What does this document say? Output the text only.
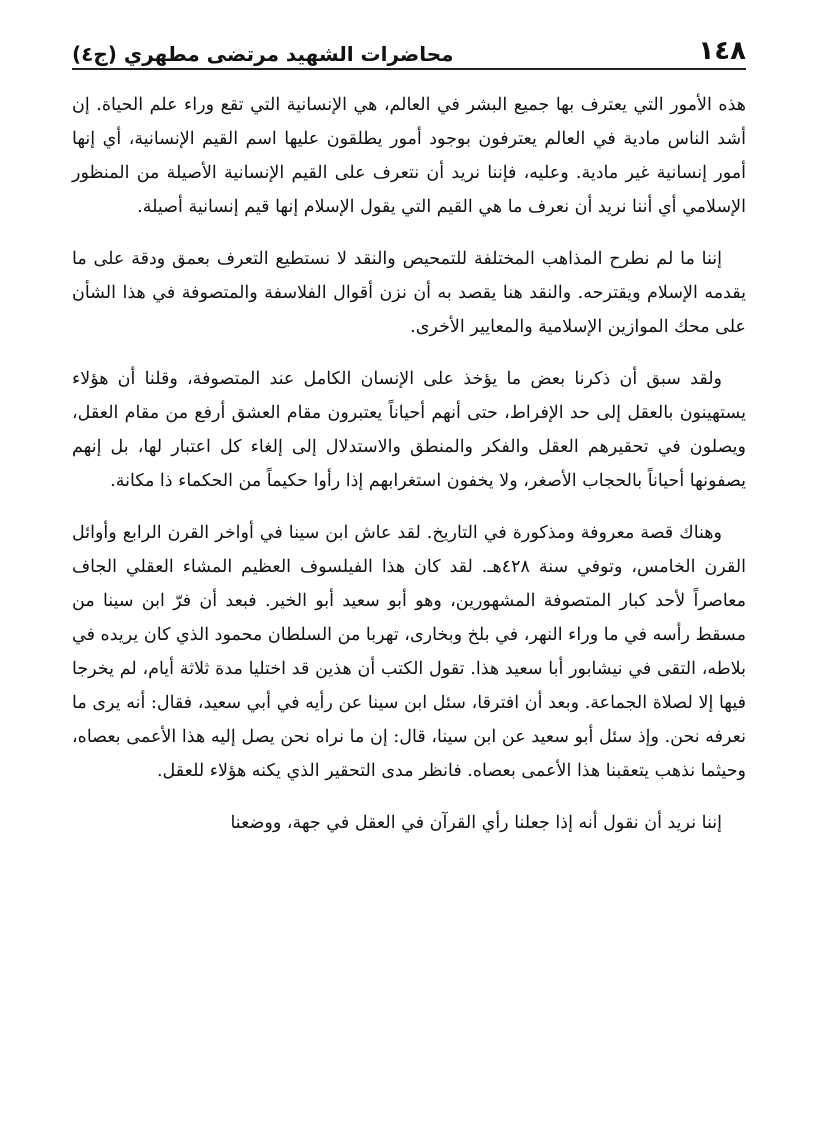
١٤٨
محاضرات الشهيد مرتضى مطهري (ج٤)

هذه الأمور التي يعترف بها جميع البشر في العالم، هي الإنسانية التي تقع وراء علم الحياة. إن أشد الناس مادية في العالم يعترفون بوجود أمور يطلقون عليها اسم القيم الإنسانية، أي إنها أمور إنسانية غير مادية. وعليه، فإننا نريد أن نتعرف على القيم الإنسانية الأصيلة من المنظور الإسلامي أي أننا نريد أن نعرف ما هي القيم التي يقول الإسلام إنها قيم إنسانية أصيلة.

إننا ما لم نطرح المذاهب المختلفة للتمحيص والنقد لا نستطيع التعرف بعمق ودقة على ما يقدمه الإسلام ويقترحه. والنقد هنا يقصد به أن نزن أقوال الفلاسفة والمتصوفة في هذا الشأن على محك الموازين الإسلامية والمعايير الأخرى.

ولقد سبق أن ذكرنا بعض ما يؤخذ على الإنسان الكامل عند المتصوفة، وقلنا أن هؤلاء يستهينون بالعقل إلى حد الإفراط، حتى أنهم أحياناً يعتبرون مقام العشق أرفع من مقام العقل، ويصلون في تحقيرهم العقل والفكر والمنطق والاستدلال إلى إلغاء كل اعتبار لها، بل إنهم يصفونها أحياناً بالحجاب الأصغر، ولا يخفون استغرابهم إذا رأوا حكيماً من الحكماء ذا مكانة.

وهناك قصة معروفة ومذكورة في التاريخ. لقد عاش ابن سينا في أواخر القرن الرابع وأوائل القرن الخامس، وتوفي سنة ٤٢٨هـ. لقد كان هذا الفيلسوف العظيم المشاء العقلي الجاف معاصراً لأحد كبار المتصوفة المشهورين، وهو أبو سعيد أبو الخير. فبعد أن فرّ ابن سينا من مسقط رأسه في ما وراء النهر، في بلخ وبخارى، تهربا من السلطان محمود الذي كان يريده في بلاطه، التقى في نيشابور أبا سعيد هذا. تقول الكتب أن هذين قد اختليا مدة ثلاثة أيام، لم يخرجا فيها إلا لصلاة الجماعة. وبعد أن افترقا، سئل ابن سينا عن رأيه في أبي سعيد، فقال: أنه يرى ما نعرفه نحن. وإذ سئل أبو سعيد عن ابن سينا، قال: إن ما نراه نحن يصل إليه هذا الأعمى بعصاه، وحيثما نذهب يتعقبنا هذا الأعمى بعصاه. فانظر مدى التحقير الذي يكنه هؤلاء للعقل.

إننا نريد أن نقول أنه إذا جعلنا رأي القرآن في العقل في جهة، ووضعنا
